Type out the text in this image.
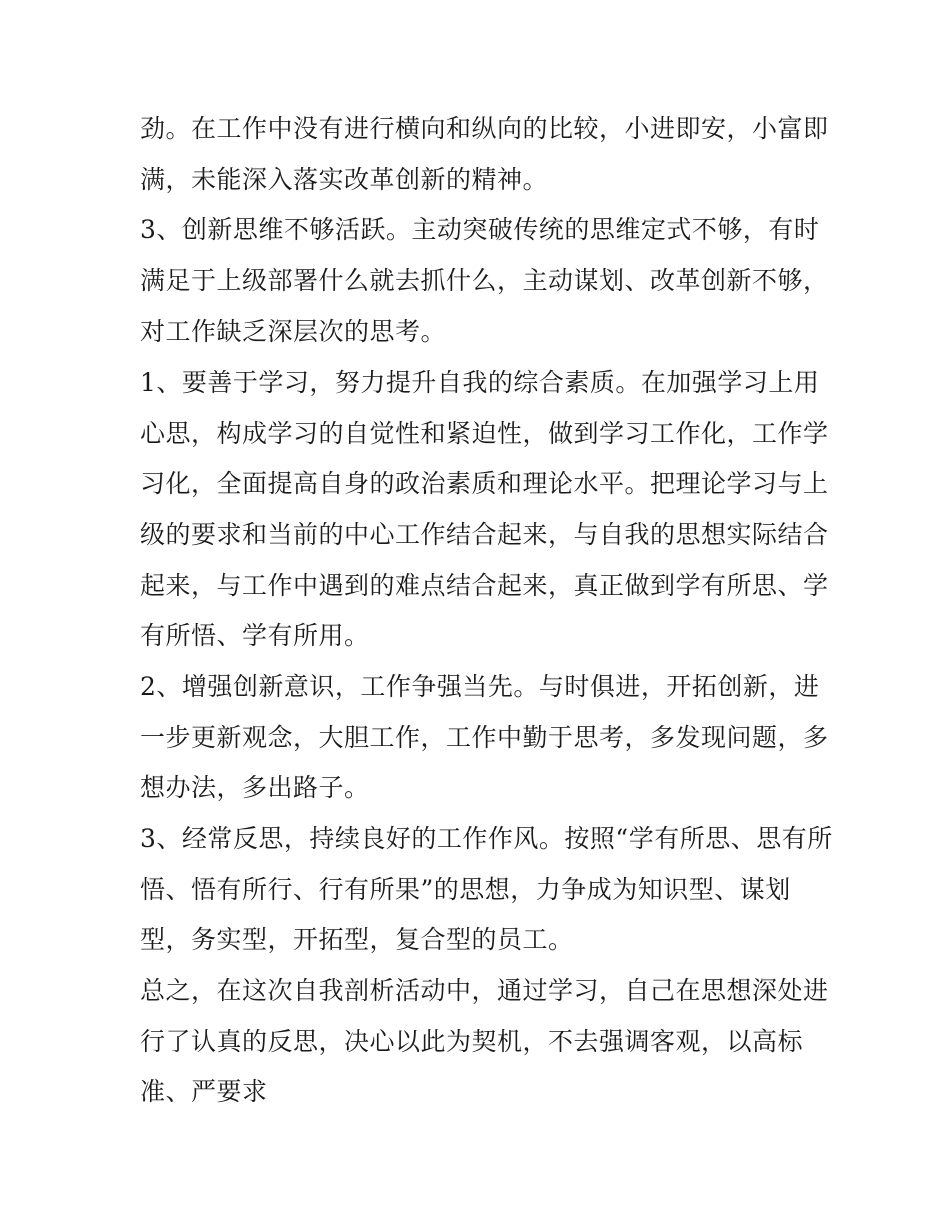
劲。在工作中没有进行横向和纵向的比较，小进即安，小富即

满，未能深入落实改革创新的精神。

3、创新思维不够活跃。主动突破传统的思维定式不够，有时

满足于上级部署什么就去抓什么，主动谋划、改革创新不够，

对工作缺乏深层次的思考。

1、要善于学习，努力提升自我的综合素质。在加强学习上用

心思，构成学习的自觉性和紧迫性，做到学习工作化，工作学

习化，全面提高自身的政治素质和理论水平。把理论学习与上

级的要求和当前的中心工作结合起来，与自我的思想实际结合

起来，与工作中遇到的难点结合起来，真正做到学有所思、学

有所悟、学有所用。

2、增强创新意识，工作争强当先。与时俱进，开拓创新，进

一步更新观念，大胆工作，工作中勤于思考，多发现问题，多

想办法，多出路子。

3、经常反思，持续良好的工作作风。按照“学有所思、思有所

悟、悟有所行、行有所果”的思想，力争成为知识型、谋划

型，务实型，开拓型，复合型的员工。

总之，在这次自我剖析活动中，通过学习，自己在思想深处进

行了认真的反思，决心以此为契机，不去强调客观，以高标

准、严要求
